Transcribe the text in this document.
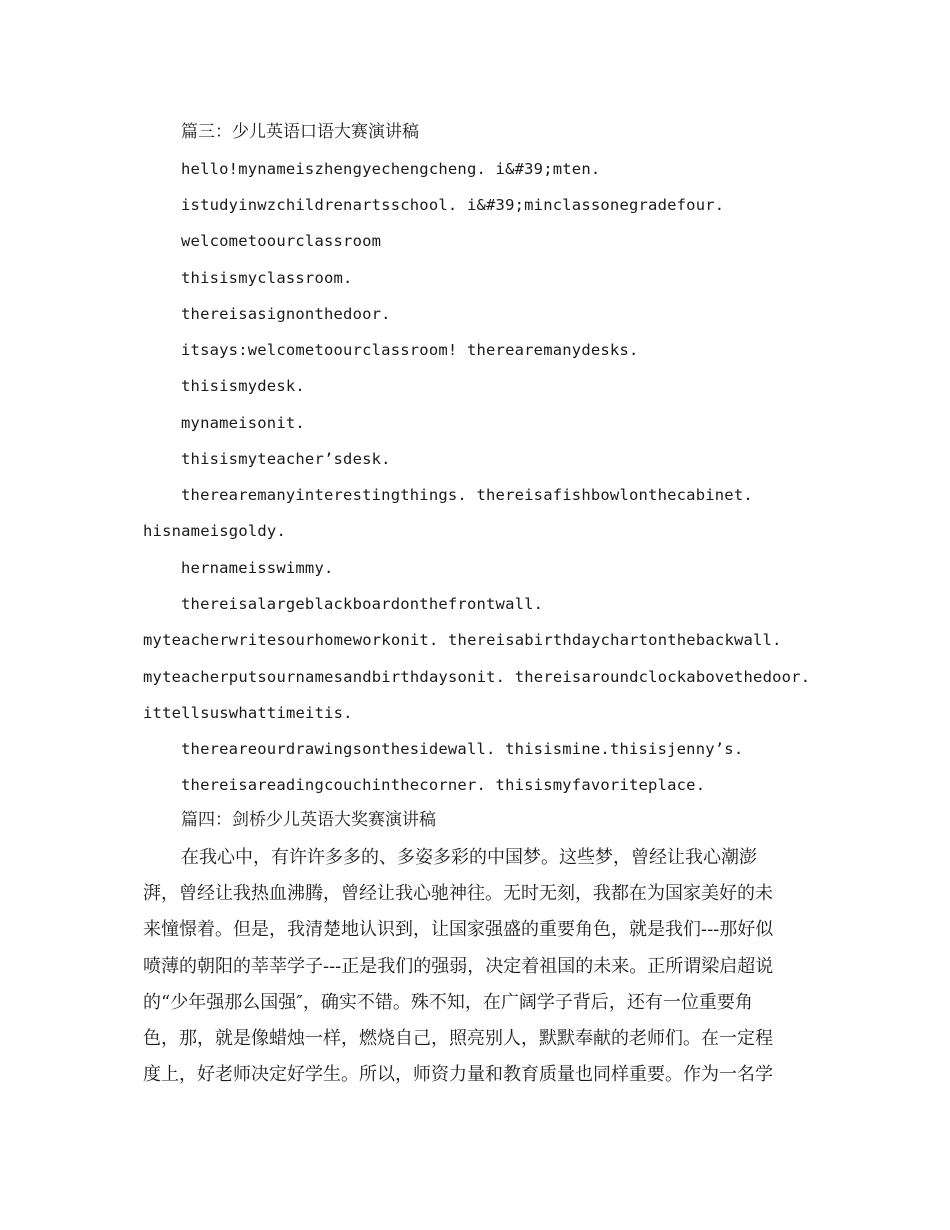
篇三：少儿英语口语大赛演讲稿
hello!mynameiszhengyechengcheng. i&#39;mten.
istudyinwzchildrenartsschool. i&#39;minclassonegradefour.
welcometoourclassroom
thisismyclassroom.
thereisasignonthedoor.
itsays:welcometoourclassroom! therearemanydesks.
thisismydesk.
mynameisonit.
thisismyteacher’sdesk.
therearemanyinterestingthings. thereisafishbowlonthecabinet.
hisnameisgoldy.
hernameisswimmy.
thereisalargeblackboardonthefrontwall.
myteacherwritesourhomeworkonit. thereisabirthdaychartonthebackwall.
myteacherputsournamesandbirthdaysonit. thereisaroundclockabovethedoor.
ittellsuswhattimeitis.
thereareourdrawingsonthesidewall. thisismine.thisisjenny’s.
thereisareadingcouchinthecorner. thisismyfavoriteplace.
篇四：剑桥少儿英语大奖赛演讲稿
在我心中，有许许多多的、多姿多彩的中国梦。这些梦，曾经让我心潮澎
湃，曾经让我热血沸腾，曾经让我心驰神往。无时无刻，我都在为国家美好的未
来憧憬着。但是，我清楚地认识到，让国家强盛的重要角色，就是我们---那好似
喷薄的朝阳的莘莘学子---正是我们的强弱，决定着祖国的未来。正所谓梁启超说
的“少年强那么国强″，确实不错。殊不知，在广阔学子背后，还有一位重要角
色，那，就是像蜡烛一样，燃烧自己，照亮别人，默默奉献的老师们。在一定程
度上，好老师决定好学生。所以，师资力量和教育质量也同样重要。作为一名学
